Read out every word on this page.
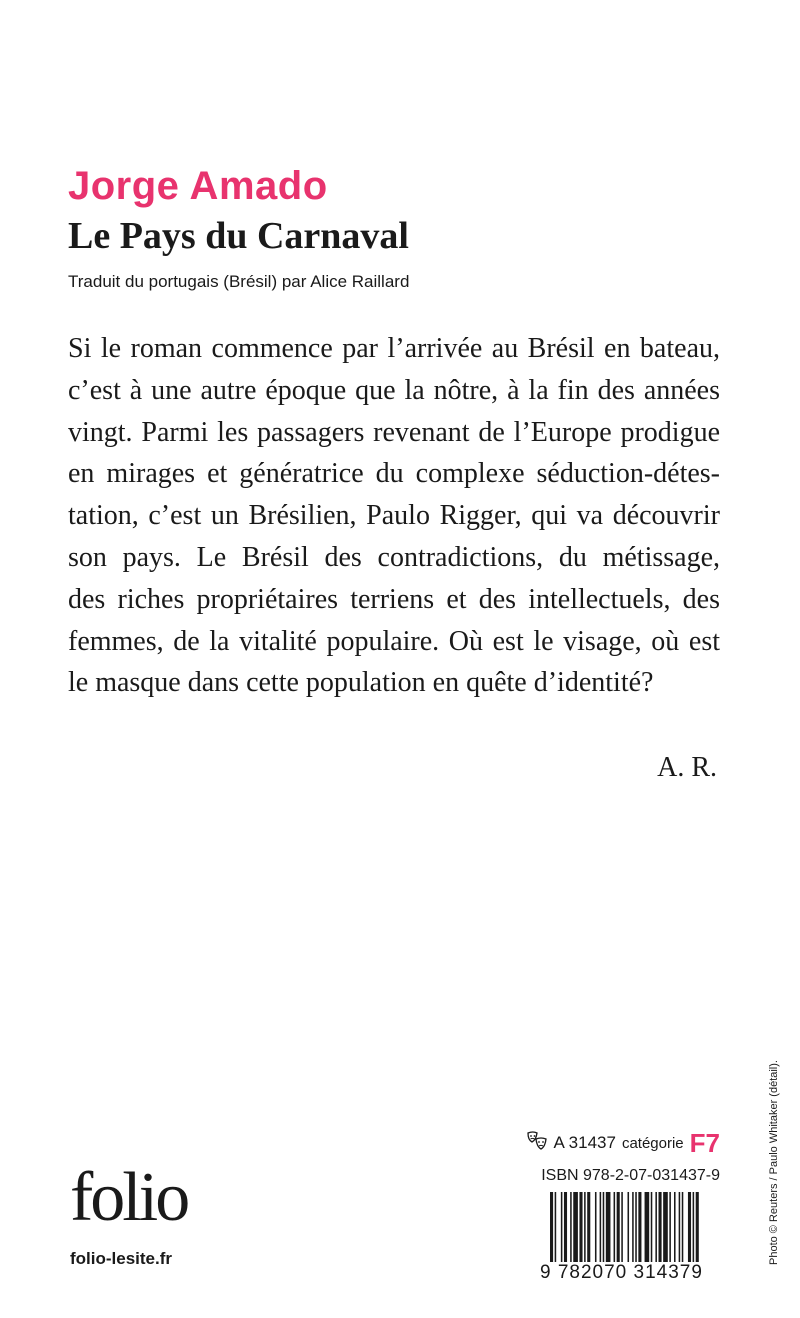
Jorge Amado
Le Pays du Carnaval

Traduit du portugais (Brésil) par Alice Raillard

Si le roman commence par l’arrivée au Brésil en bateau,
c’est à une autre époque que la nôtre, à la fin des années
vingt. Parmi les passagers revenant de l’Europe prodigue
en mirages et génératrice du complexe séduction-détes-
tation, c’est un Brésilien, Paulo Rigger, qui va découvrir
son pays. Le Brésil des contradictions, du métissage,
des riches propriétaires terriens et des intellectuels, des
femmes, de la vitalité populaire. Où est le visage, où est
le masque dans cette population en quête d’identité?

A. R.

folio

folio-lesite.fr

A 31437 catégorie F7

ISBN 978-2-07-031437-9

9 782070 314379

Photo © Reuters / Paulo Whitaker (détail).
